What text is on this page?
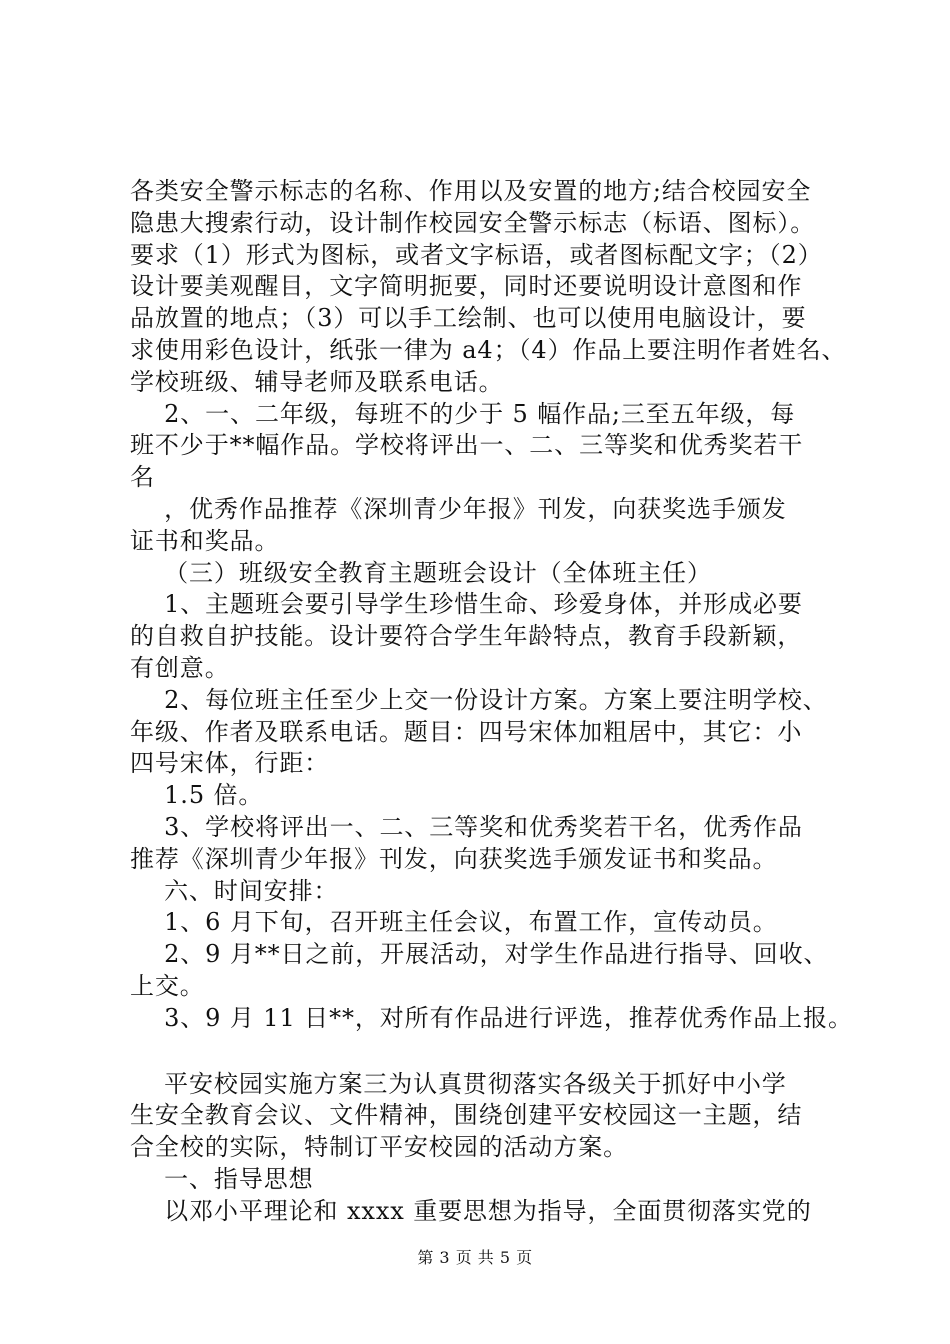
各类安全警示标志的名称、作用以及安置的地方;结合校园安全
隐患大搜索行动，设计制作校园安全警示标志（标语、图标）。
要求（1）形式为图标，或者文字标语，或者图标配文字；（2）
设计要美观醒目，文字简明扼要，同时还要说明设计意图和作
品放置的地点；（3）可以手工绘制、也可以使用电脑设计，要
求使用彩色设计，纸张一律为 a4；（4）作品上要注明作者姓名、
学校班级、辅导老师及联系电话。
2、一、二年级，每班不的少于 5 幅作品;三至五年级，每
班不少于**幅作品。学校将评出一、二、三等奖和优秀奖若干
名
，优秀作品推荐《深圳青少年报》刊发，向获奖选手颁发
证书和奖品。
（三）班级安全教育主题班会设计（全体班主任）
1、主题班会要引导学生珍惜生命、珍爱身体，并形成必要
的自救自护技能。设计要符合学生年龄特点，教育手段新颖，
有创意。
2、每位班主任至少上交一份设计方案。方案上要注明学校、
年级、作者及联系电话。题目：四号宋体加粗居中，其它：小
四号宋体，行距：
1.5 倍。
3、学校将评出一、二、三等奖和优秀奖若干名，优秀作品
推荐《深圳青少年报》刊发，向获奖选手颁发证书和奖品。
六、时间安排：
1、6 月下旬，召开班主任会议，布置工作，宣传动员。
2、9 月**日之前，开展活动，对学生作品进行指导、回收、
上交。
3、9 月 11 日**，对所有作品进行评选，推荐优秀作品上报。
平安校园实施方案三为认真贯彻落实各级关于抓好中小学
生安全教育会议、文件精神，围绕创建平安校园这一主题，结
合全校的实际，特制订平安校园的活动方案。
一、指导思想
以邓小平理论和 xxxx 重要思想为指导，全面贯彻落实党的
第 3 页 共 5 页
